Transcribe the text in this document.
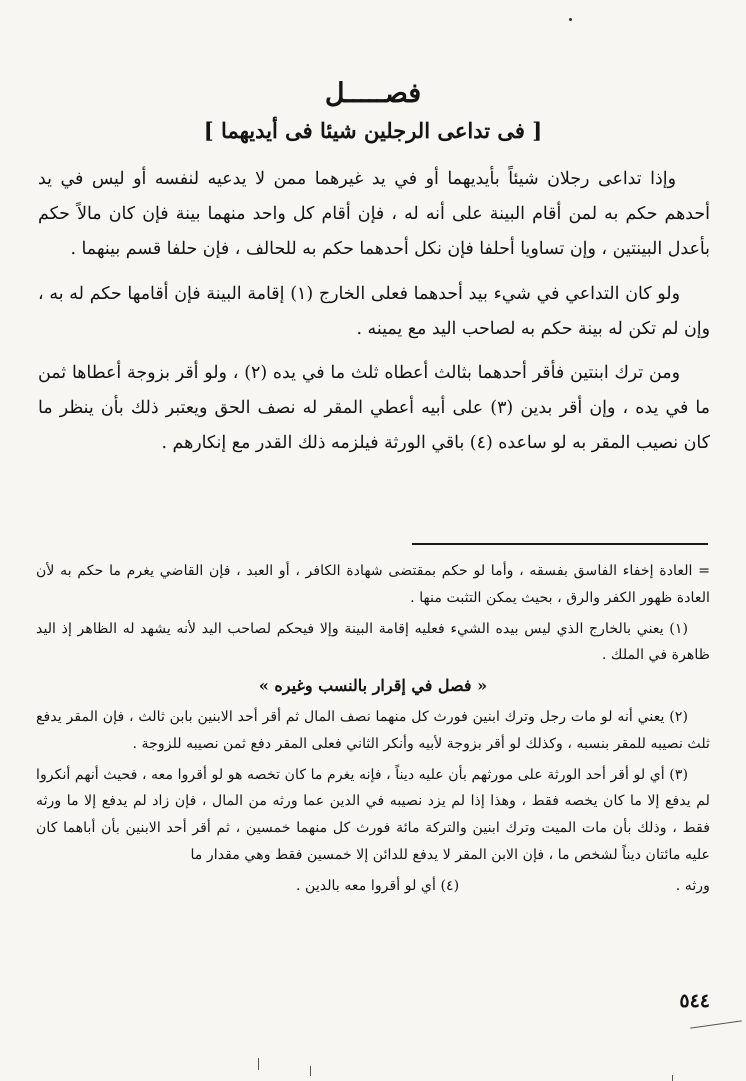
فصـــــل
[ فى تداعى الرجلين شيئا فى أيديهما ]

وإذا تداعى رجلان شيئاً بأيديهما أو في يد غيرهما ممن لا يدعيه لنفسه أو ليس في يد أحدهم حكم به لمن أقام البينة على أنه له ، فإن أقام كل واحد منهما بينة فإن كان مالاً حكم بأعدل البينتين ، وإن تساويا أحلفا فإن نكل أحدهما حكم به للحالف ، فإن حلفا قسم بينهما .

ولو كان التداعي في شيء بيد أحدهما فعلى الخارج (١) إقامة البينة فإن أقامها حكم له به ، وإن لم تكن له بينة حكم به لصاحب اليد مع يمينه .

ومن ترك ابنتين فأقر أحدهما بثالث أعطاه ثلث ما في يده (٢) ، ولو أقر بزوجة أعطاها ثمن ما في يده ، وإن أقر بدين (٣) على أبيه أعطي المقر له نصف الحق ويعتبر ذلك بأن ينظر ما كان نصيب المقر به لو ساعده (٤) باقي الورثة فيلزمه ذلك القدر مع إنكارهم .

= العادة إخفاء الفاسق بفسقه ، وأما لو حكم بمقتضى شهادة الكافر ، أو العبد ، فإن القاضي يغرم ما حكم به لأن العادة ظهور الكفر والرق ، بحيث يمكن التثبت منها .

(١) يعني بالخارج الذي ليس بيده الشيء فعليه إقامة البينة وإلا فيحكم لصاحب اليد لأنه يشهد له الظاهر إذ اليد ظاهرة في الملك .

« فصل في إقرار بالنسب وغيره »

(٢) يعني أنه لو مات رجل وترك ابنين فورث كل منهما نصف المال ثم أقر أحد الابنين بابن ثالث ، فإن المقر يدفع ثلث نصيبه للمقر بنسبه ، وكذلك لو أقر بزوجة لأبيه وأنكر الثاني فعلى المقر دفع ثمن نصيبه للزوجة .

(٣) أي لو أقر أحد الورثة على مورثهم بأن عليه ديناً ، فإنه يغرم ما كان تخصه هو لو أقروا معه ، فحيث أنهم أنكروا لم يدفع إلا ما كان يخصه فقط ، وهذا إذا لم يزد نصيبه في الدين عما ورثه من المال ، فإن زاد لم يدفع إلا ما ورثه فقط ، وذلك بأن مات الميت وترك ابنين والتركة مائة فورث كل منهما خمسين ، ثم أقر أحد الابنين بأن أباهما كان عليه مائتان ديناً لشخص ما ، فإن الابن المقر لا يدفع للدائن إلا خمسين فقط وهي مقدار ما

ورثه .
(٤) أي لو أقروا معه بالدين .
٥٤٤
